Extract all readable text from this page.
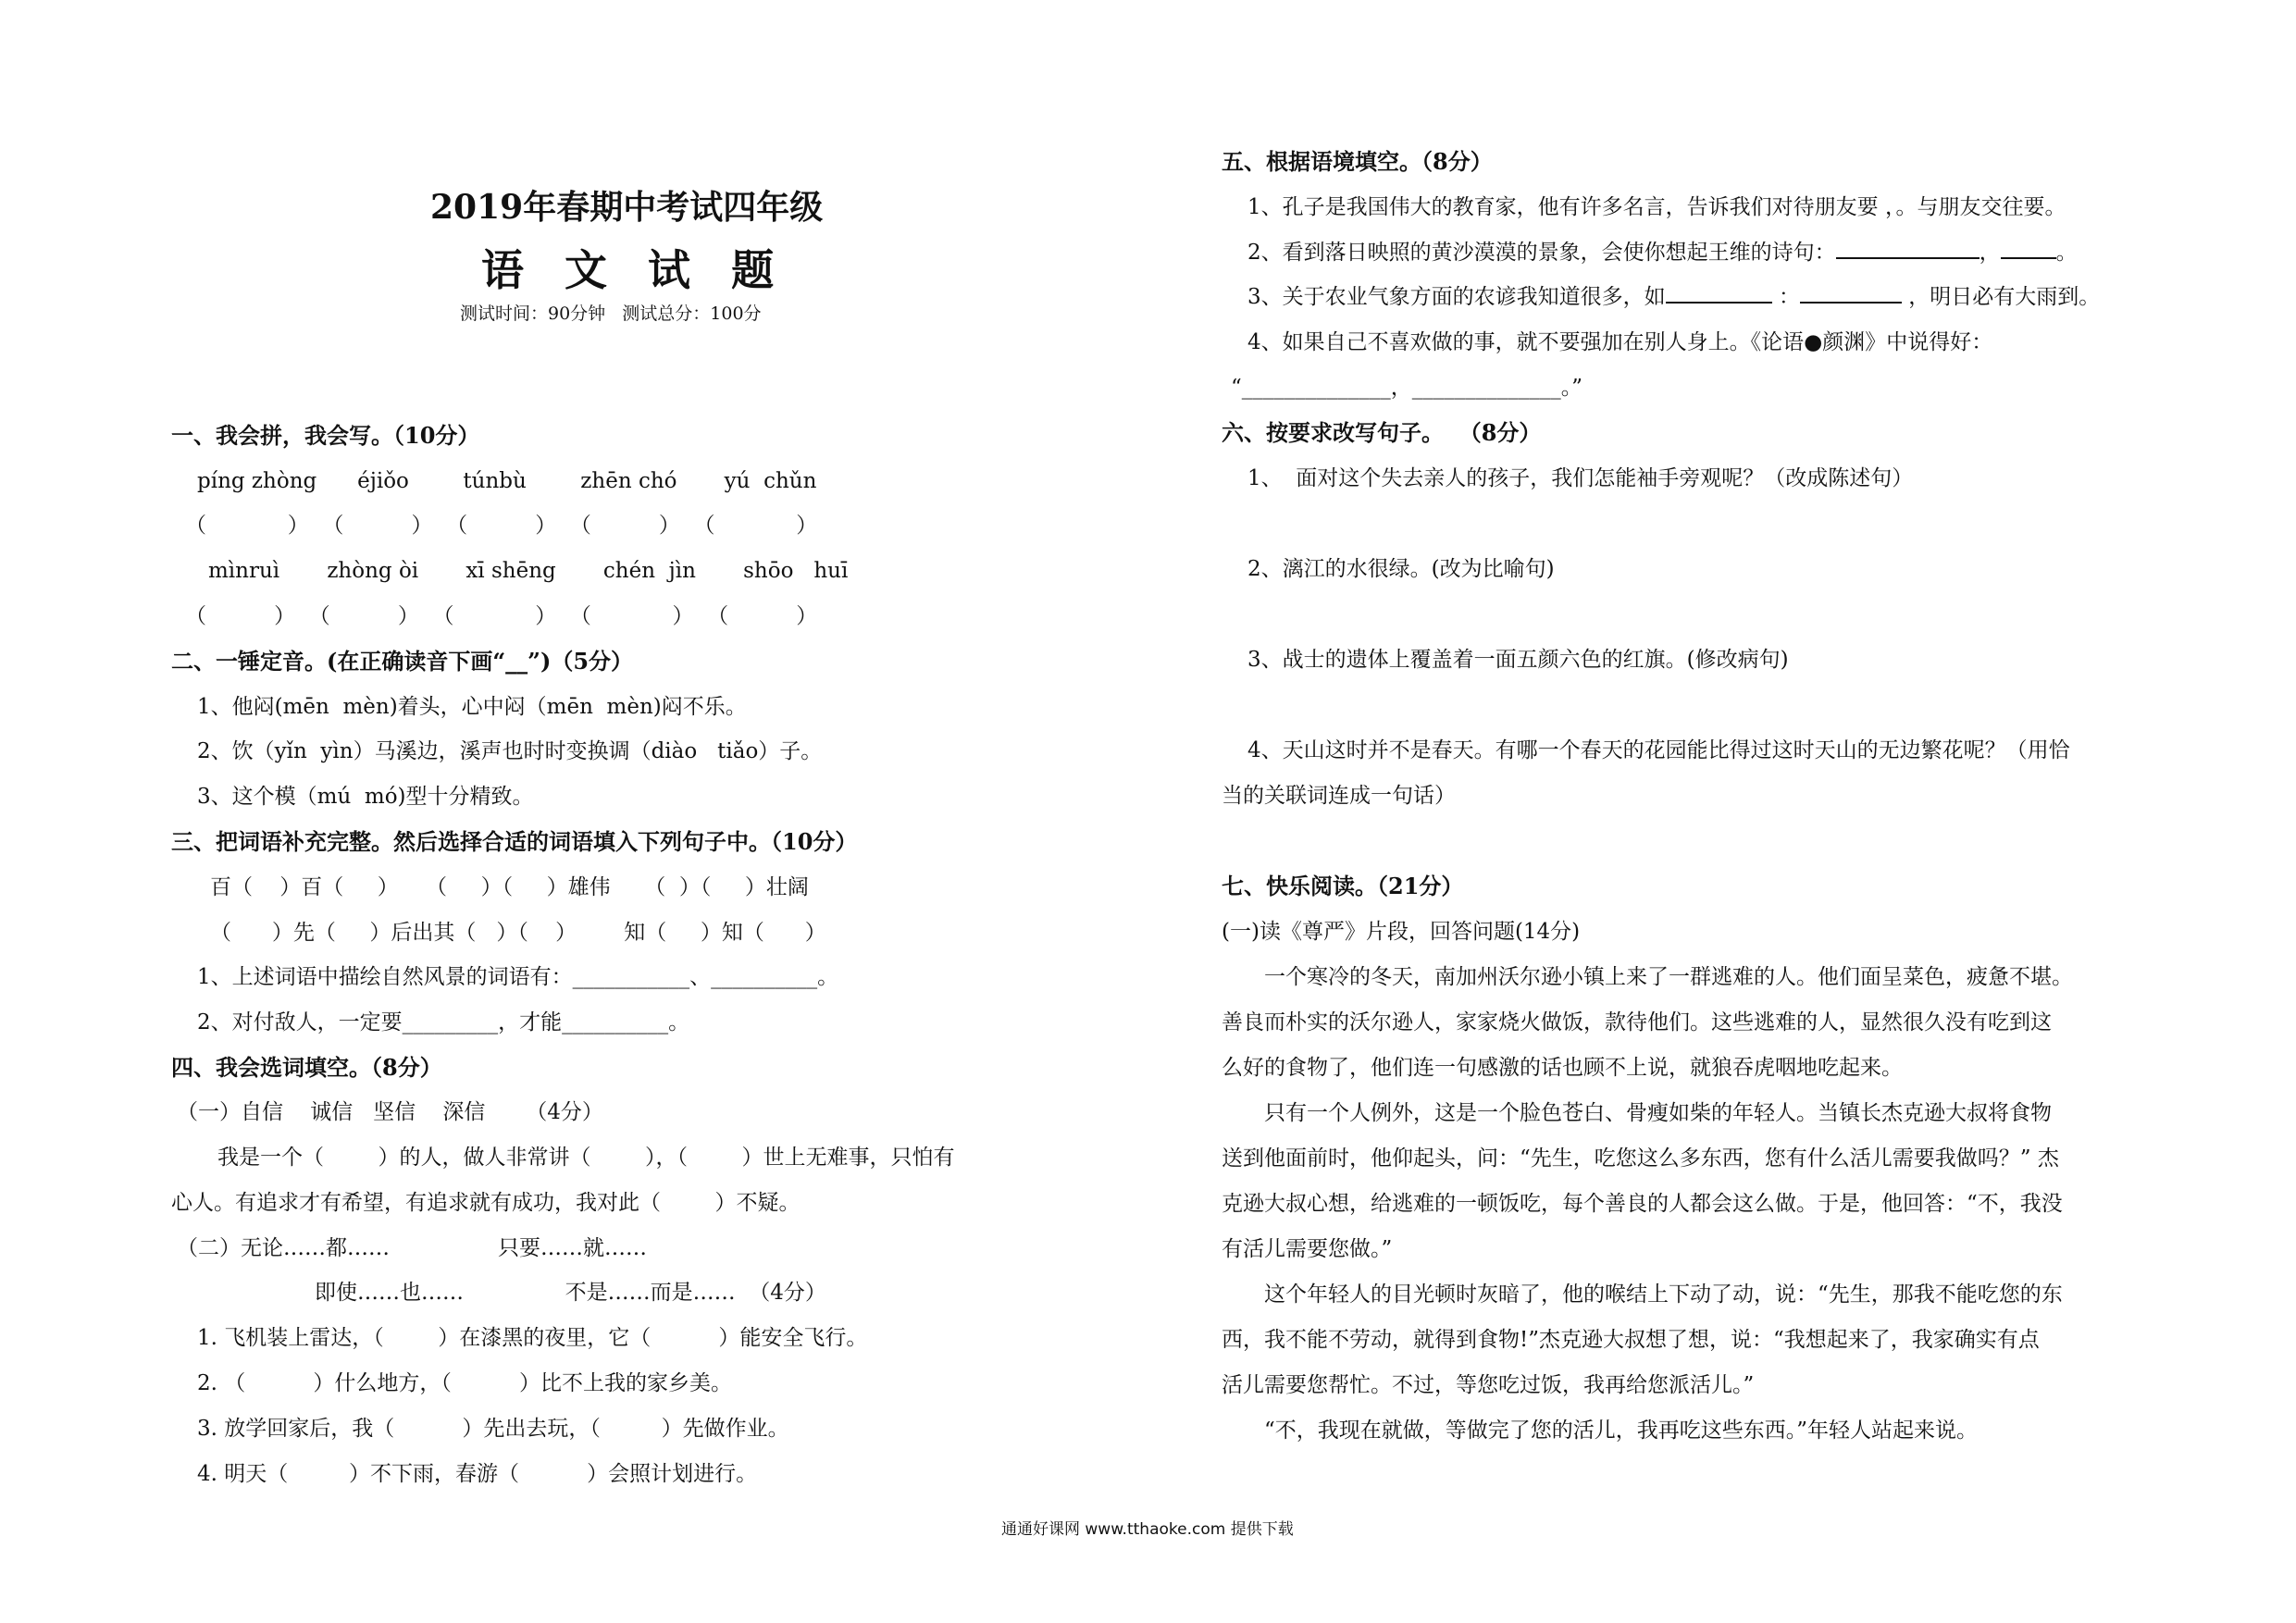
2019年春期中考试四年级
语  文  试  题
测试时间：90分钟   测试总分：100分
一、我会拼，我会写。（10分）
píng zhòng      éjiǒo        túnbù        zhēn chó       yú  chǔn
（            ）  （          ）  （          ）  （          ）  （            ）
mìnruì       zhòng òi       xī shēng       chén  jìn       shōo   huī
（          ）  （          ）  （            ）  （            ）  （          ）
二、一锤定音。(在正确读音下画“__”)（5分）
1、他闷(mēn  mèn)着头，心中闷（mēn  mèn)闷不乐。
2、饮（yǐn  yìn）马溪边，溪声也时时变换调（diào   tiǎo）子。
3、这个模（mú  mó)型十分精致。
三、把词语补充完整。然后选择合适的词语填入下列句子中。（10分）
百（    ）百（     ）    （     ）（     ）雄伟     （  ）（     ）壮阔
（      ）先（     ）后出其（   ）（    ）       知（     ）知（      ）
1、上述词语中描绘自然风景的词语有：___________、__________。
2、对付敌人，一定要_________，才能__________。
四、我会选词填空。（8分）
（一）自信    诚信   坚信    深信      （4分）
我是一个（        ）的人，做人非常讲（        ），（        ）世上无难事，只怕有
心人。有追求才有希望，有追求就有成功，我对此（        ）不疑。
（二）无论……都……                只要……就……
即使……也……               不是……而是……  （4分）
1. 飞机装上雷达，（        ）在漆黑的夜里，它（          ）能安全飞行。
2. （          ）什么地方，（          ）比不上我的家乡美。
3. 放学回家后，我（          ）先出去玩，（         ）先做作业。
4. 明天（         ）不下雨，春游（          ）会照计划进行。
五、根据语境填空。（8分）
1、孔子是我国伟大的教育家，他有许多名言，告诉我们对待朋友要 ，。与朋友交往要。
2、看到落日映照的黄沙漠漠的景象，会使你想起王维的诗句：	，	。
3、关于农业气象方面的农谚我知道很多，如	：	，明日必有大雨到。
4、如果自己不喜欢做的事，就不要强加在别人身上。《论语●颜渊》中说得好：
“______________，______________。”
六、按要求改写句子。  （8分）
1、  面对这个失去亲人的孩子，我们怎能袖手旁观呢？（改成陈述句）
2、漓江的水很绿。(改为比喻句)
3、战士的遗体上覆盖着一面五颜六色的红旗。(修改病句)
4、天山这时并不是春天。有哪一个春天的花园能比得过这时天山的无边繁花呢？（用恰
当的关联词连成一句话）
七、快乐阅读。（21分）
(一)读《尊严》片段，回答问题(14分)
一个寒冷的冬天，南加州沃尔逊小镇上来了一群逃难的人。他们面呈菜色，疲惫不堪。
善良而朴实的沃尔逊人，家家烧火做饭，款待他们。这些逃难的人，显然很久没有吃到这
么好的食物了，他们连一句感激的话也顾不上说，就狼吞虎咽地吃起来。
只有一个人例外，这是一个脸色苍白、骨瘦如柴的年轻人。当镇长杰克逊大叔将食物
送到他面前时，他仰起头，问：“先生，吃您这么多东西，您有什么活儿需要我做吗？” 杰
克逊大叔心想，给逃难的一顿饭吃，每个善良的人都会这么做。于是，他回答：“不，我没
有活儿需要您做。”
这个年轻人的目光顿时灰暗了，他的喉结上下动了动，说：“先生，那我不能吃您的东
西，我不能不劳动，就得到食物!”杰克逊大叔想了想，说：“我想起来了，我家确实有点
活儿需要您帮忙。不过，等您吃过饭，我再给您派活儿。”
“不，我现在就做，等做完了您的活儿，我再吃这些东西。”年轻人站起来说。
通通好课网 www.tthaoke.com 提供下载
